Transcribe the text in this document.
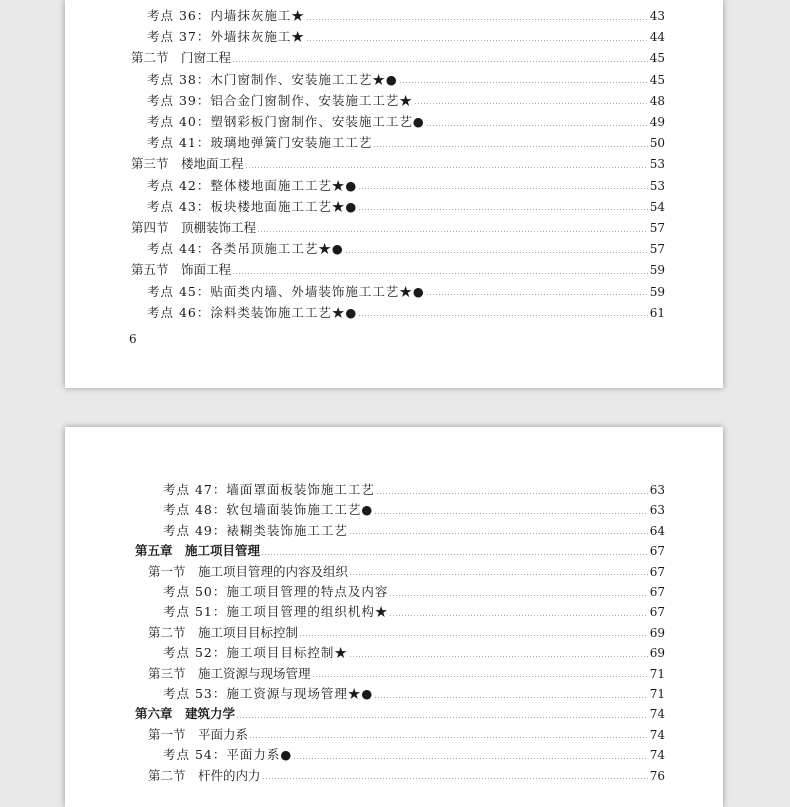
考点 36：内墙抹灰施工★	43
考点 37：外墙抹灰施工★	44
第二节　门窗工程	45
考点 38：木门窗制作、安装施工工艺★●	45
考点 39：铝合金门窗制作、安装施工工艺★	48
考点 40：塑钢彩板门窗制作、安装施工工艺●	49
考点 41：玻璃地弹簧门安装施工工艺	50
第三节　楼地面工程	53
考点 42：整体楼地面施工工艺★●	53
考点 43：板块楼地面施工工艺★●	54
第四节　顶棚装饰工程	57
考点 44：各类吊顶施工工艺★●	57
第五节　饰面工程	59
考点 45：贴面类内墙、外墙装饰施工工艺★●	59
考点 46：涂料类装饰施工工艺★●	61
6
考点 47：墙面罩面板装饰施工工艺	63
考点 48：软包墙面装饰施工工艺●	63
考点 49：裱糊类装饰施工工艺	64
第五章　施工项目管理	67
第一节　施工项目管理的内容及组织	67
考点 50：施工项目管理的特点及内容	67
考点 51：施工项目管理的组织机构★	67
第二节　施工项目目标控制	69
考点 52：施工项目目标控制★	69
第三节　施工资源与现场管理	71
考点 53：施工资源与现场管理★●	71
第六章　建筑力学	74
第一节　平面力系	74
考点 54：平面力系●	74
第二节　杆件的内力	76
